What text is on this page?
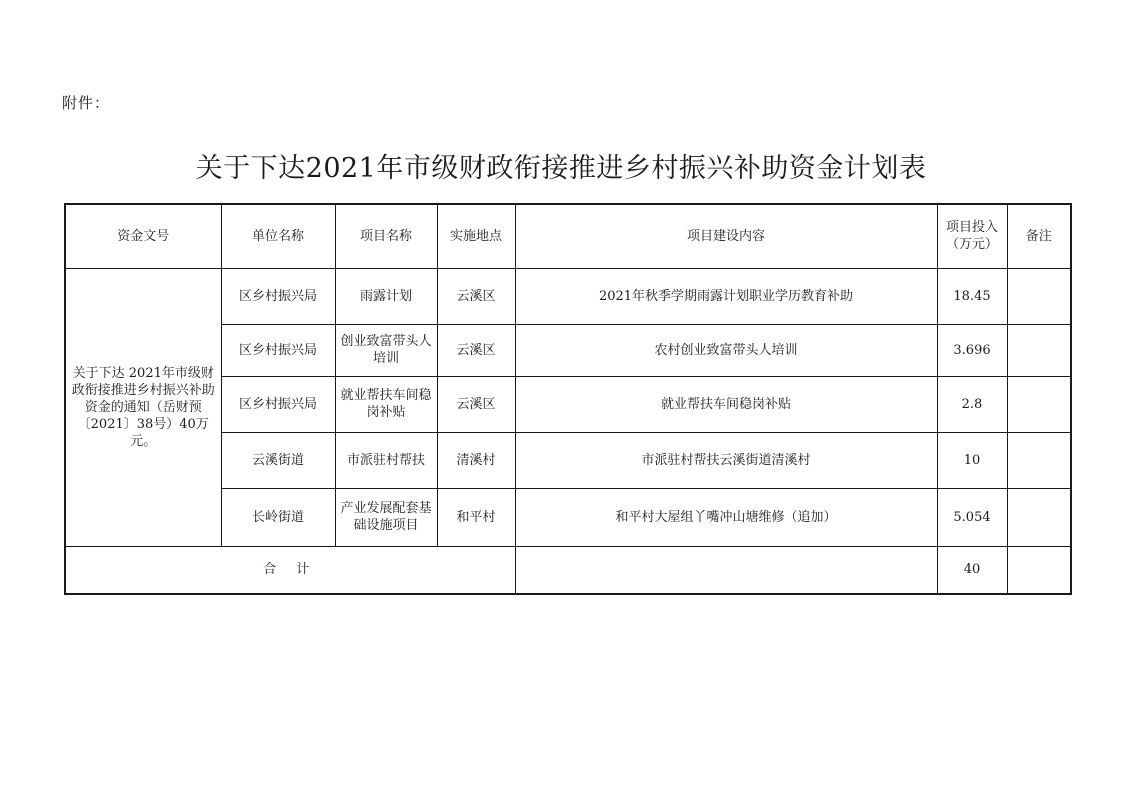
附件：
关于下达2021年市级财政衔接推进乡村振兴补助资金计划表
资金文号	单位名称	项目名称	实施地点	项目建设内容	项目投入（万元）	备注
关于下达 2021年市级财政衔接推进乡村振兴补助资金的通知（岳财预〔2021〕38号）40万元。	区乡村振兴局	雨露计划	云溪区	2021年秋季学期雨露计划职业学历教育补助	18.45	
	区乡村振兴局	创业致富带头人培训	云溪区	农村创业致富带头人培训	3.696	
	区乡村振兴局	就业帮扶车间稳岗补贴	云溪区	就业帮扶车间稳岗补贴	2.8	
	云溪街道	市派驻村帮扶	清溪村	市派驻村帮扶云溪街道清溪村	10	
	长岭街道	产业发展配套基础设施项目	和平村	和平村大屋组丫嘴冲山塘维修（追加）	5.054	
合 计					40	
